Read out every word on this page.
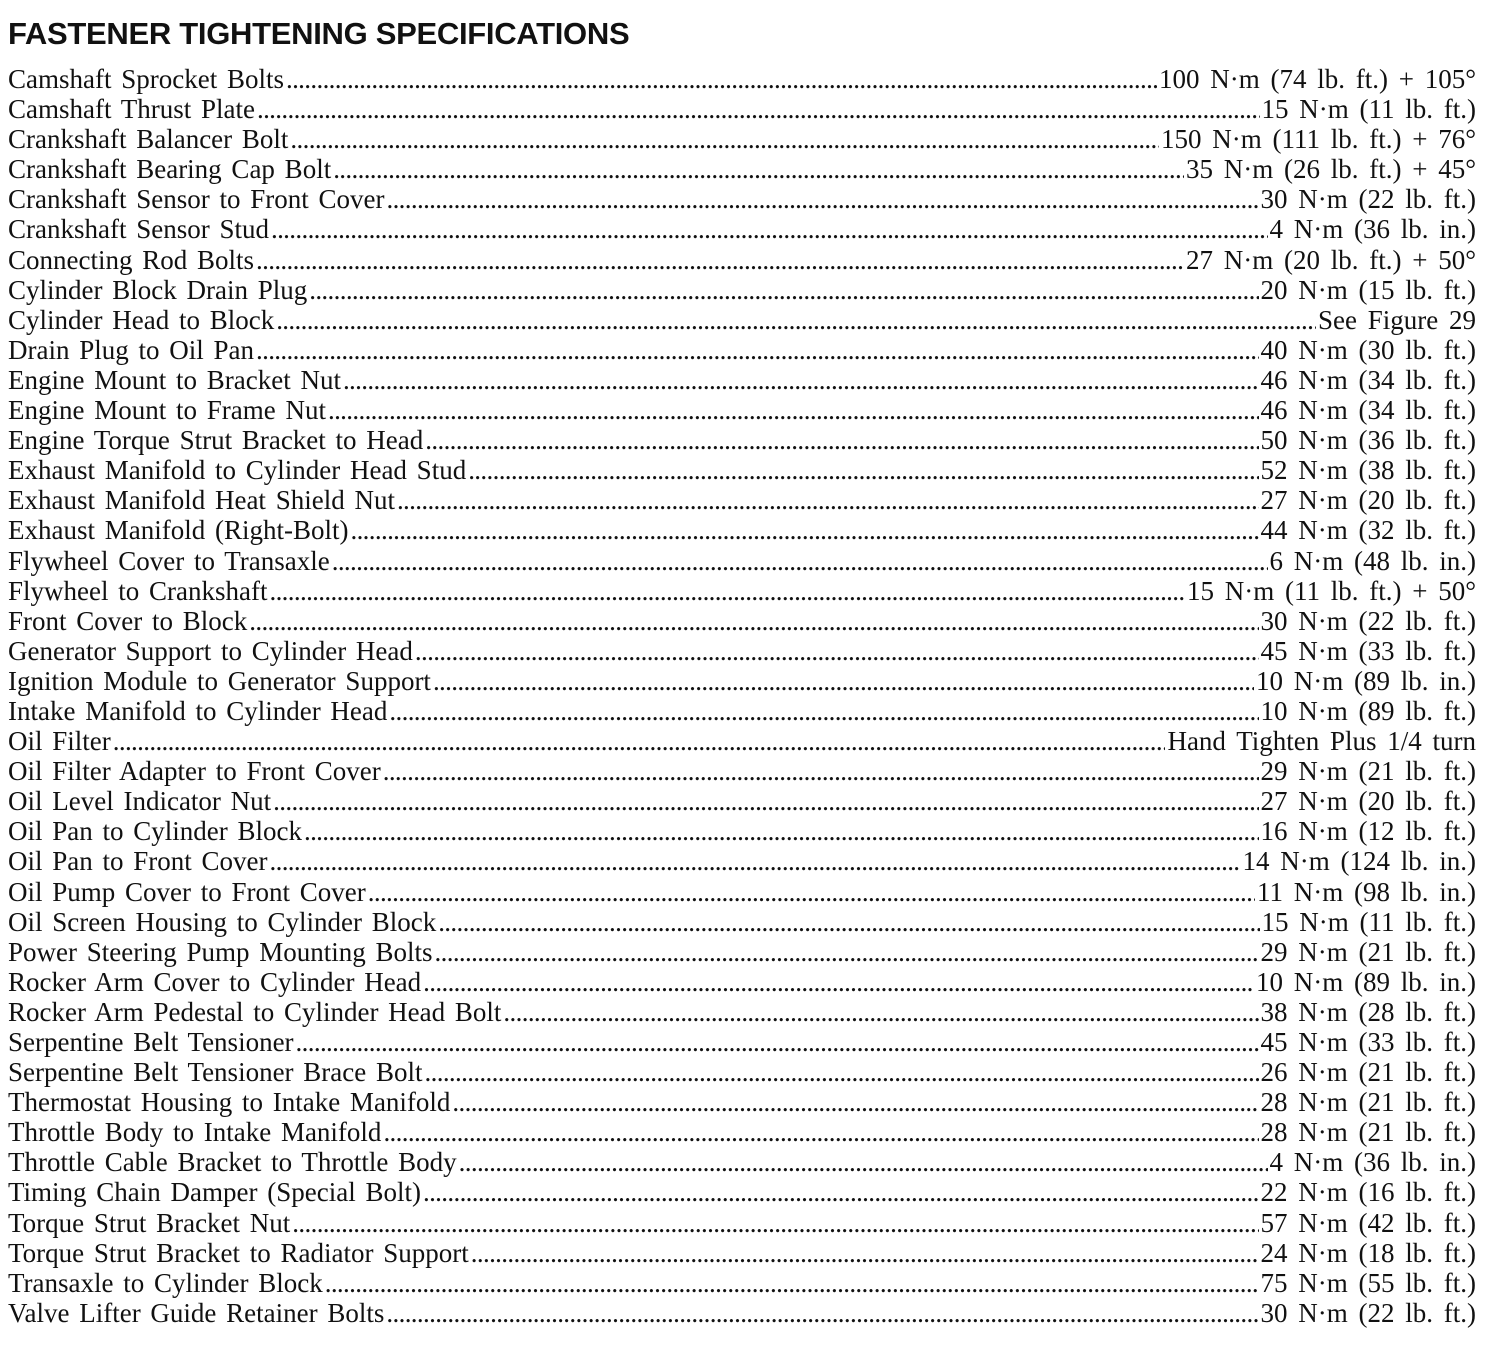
FASTENER TIGHTENING SPECIFICATIONS
Camshaft Sprocket Bolts . . .	100 N·m (74 lb. ft.) + 105°
Camshaft Thrust Plate . . .	15 N·m (11 lb. ft.)
Crankshaft Balancer Bolt . . .	150 N·m (111 lb. ft.) + 76°
Crankshaft Bearing Cap Bolt . . .	35 N·m (26 lb. ft.) + 45°
Crankshaft Sensor to Front Cover . . .	30 N·m (22 lb. ft.)
Crankshaft Sensor Stud . . .	4 N·m (36 lb. in.)
Connecting Rod Bolts . . .	27 N·m (20 lb. ft.) + 50°
Cylinder Block Drain Plug . . .	20 N·m (15 lb. ft.)
Cylinder Head to Block . . .	See Figure 29
Drain Plug to Oil Pan . . .	40 N·m (30 lb. ft.)
Engine Mount to Bracket Nut . . .	46 N·m (34 lb. ft.)
Engine Mount to Frame Nut . . .	46 N·m (34 lb. ft.)
Engine Torque Strut Bracket to Head . . .	50 N·m (36 lb. ft.)
Exhaust Manifold to Cylinder Head Stud . . .	52 N·m (38 lb. ft.)
Exhaust Manifold Heat Shield Nut . . .	27 N·m (20 lb. ft.)
Exhaust Manifold (Right-Bolt) . . .	44 N·m (32 lb. ft.)
Flywheel Cover to Transaxle . . .	6 N·m (48 lb. in.)
Flywheel to Crankshaft . . .	15 N·m (11 lb. ft.) + 50°
Front Cover to Block . . .	30 N·m (22 lb. ft.)
Generator Support to Cylinder Head . . .	45 N·m (33 lb. ft.)
Ignition Module to Generator Support . . .	10 N·m (89 lb. in.)
Intake Manifold to Cylinder Head . . .	10 N·m (89 lb. ft.)
Oil Filter . . .	Hand Tighten Plus 1/4 turn
Oil Filter Adapter to Front Cover . . .	29 N·m (21 lb. ft.)
Oil Level Indicator Nut . . .	27 N·m (20 lb. ft.)
Oil Pan to Cylinder Block . . .	16 N·m (12 lb. ft.)
Oil Pan to Front Cover . . .	14 N·m (124 lb. in.)
Oil Pump Cover to Front Cover . . .	11 N·m (98 lb. in.)
Oil Screen Housing to Cylinder Block . . .	15 N·m (11 lb. ft.)
Power Steering Pump Mounting Bolts . . .	29 N·m (21 lb. ft.)
Rocker Arm Cover to Cylinder Head . . .	10 N·m (89 lb. in.)
Rocker Arm Pedestal to Cylinder Head Bolt . . .	38 N·m (28 lb. ft.)
Serpentine Belt Tensioner . . .	45 N·m (33 lb. ft.)
Serpentine Belt Tensioner Brace Bolt . . .	26 N·m (21 lb. ft.)
Thermostat Housing to Intake Manifold . . .	28 N·m (21 lb. ft.)
Throttle Body to Intake Manifold . . .	28 N·m (21 lb. ft.)
Throttle Cable Bracket to Throttle Body . . .	4 N·m (36 lb. in.)
Timing Chain Damper (Special Bolt) . . .	22 N·m (16 lb. ft.)
Torque Strut Bracket Nut . . .	57 N·m (42 lb. ft.)
Torque Strut Bracket to Radiator Support . . .	24 N·m (18 lb. ft.)
Transaxle to Cylinder Block . . .	75 N·m (55 lb. ft.)
Valve Lifter Guide Retainer Bolts . . .	30 N·m (22 lb. ft.)
